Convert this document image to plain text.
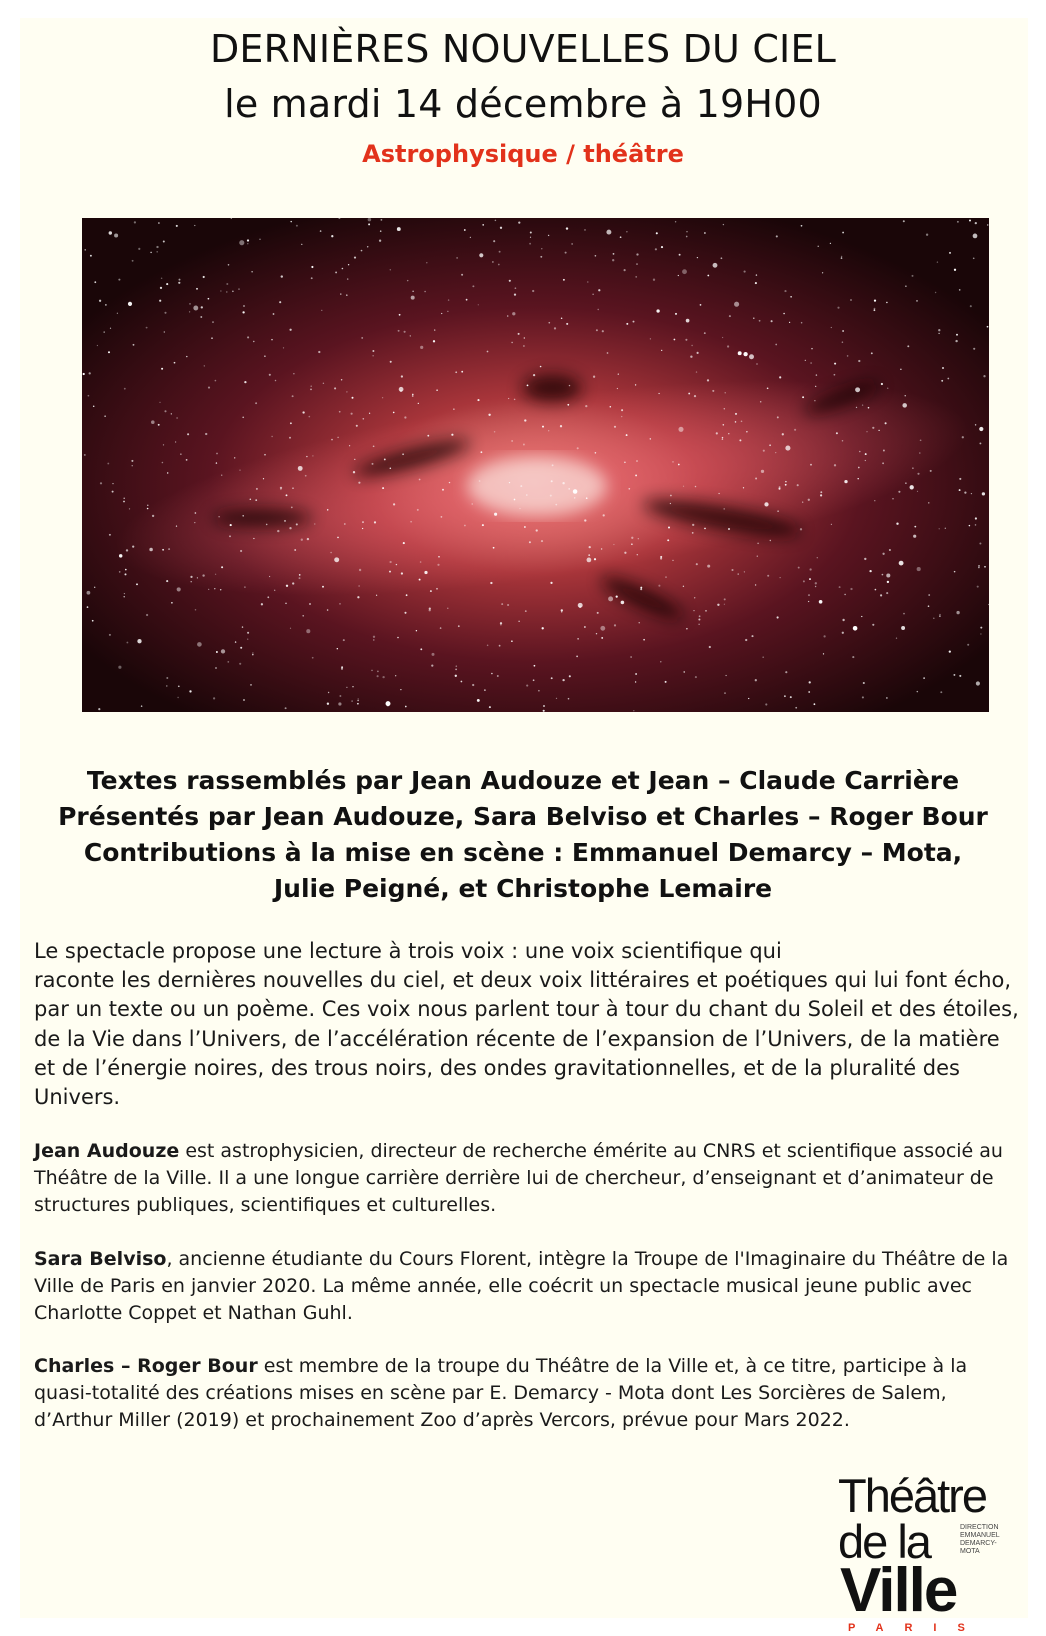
DERNIÈRES NOUVELLES DU CIEL
le mardi 14 décembre à 19H00
Astrophysique / théâtre
Textes rassemblés par Jean Audouze et Jean – Claude Carrière
Présentés par Jean Audouze, Sara Belviso et Charles – Roger Bour
Contributions à la mise en scène : Emmanuel Demarcy – Mota,
Julie Peigné, et Christophe Lemaire
Le spectacle propose une lecture à trois voix : une voix scientifique qui
raconte les dernières nouvelles du ciel, et deux voix littéraires et poétiques qui lui font écho,
par un texte ou un poème. Ces voix nous parlent tour à tour du chant du Soleil et des étoiles,
de la Vie dans l’Univers, de l’accélération récente de l’expansion de l’Univers, de la matière
et de l’énergie noires, des trous noirs, des ondes gravitationnelles, et de la pluralité des
Univers.
Jean Audouze est astrophysicien, directeur de recherche émérite au CNRS et scientifique associé au
Théâtre de la Ville. Il a une longue carrière derrière lui de chercheur, d’enseignant et d’animateur de
structures publiques, scientifiques et culturelles.
Sara Belviso, ancienne étudiante du Cours Florent, intègre la Troupe de l'Imaginaire du Théâtre de la
Ville de Paris en janvier 2020. La même année, elle coécrit un spectacle musical jeune public avec
Charlotte Coppet et Nathan Guhl.
Charles – Roger Bour est membre de la troupe du Théâtre de la Ville et, à ce titre, participe à la
quasi-totalité des créations mises en scène par E. Demarcy - Mota dont Les Sorcières de Salem,
d’Arthur Miller (2019) et prochainement Zoo d’après Vercors, prévue pour Mars 2022.
Théâtre
de la	DIRECTION
EMMANUEL
DEMARCY-
MOTA
Ville
PARIS
